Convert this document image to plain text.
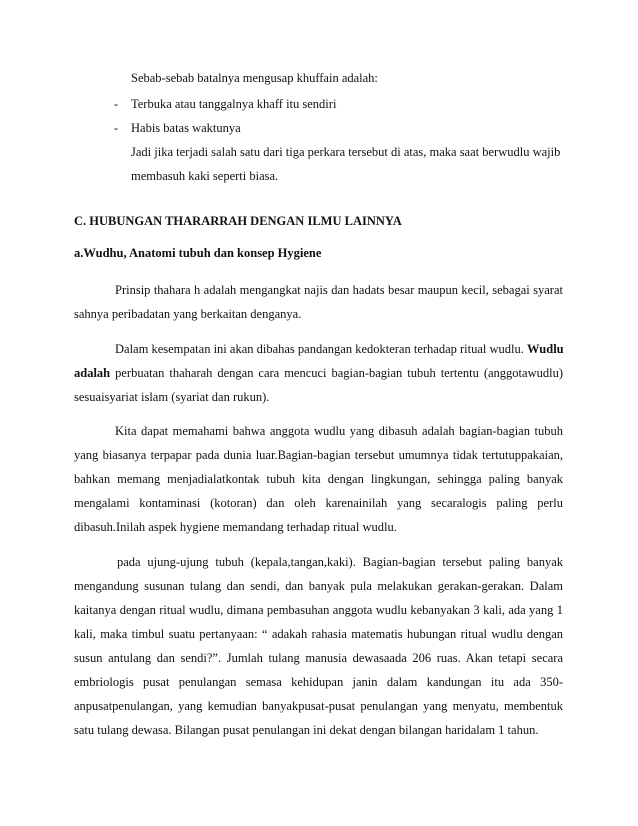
Sebab-sebab batalnya mengusap khuffain adalah:
- Terbuka atau tanggalnya khaff itu sendiri
- Habis batas waktunya
Jadi jika terjadi salah satu dari tiga perkara tersebut di atas, maka saat berwudlu wajib
membasuh kaki seperti biasa.
C. HUBUNGAN THARARRAH DENGAN ILMU LAINNYA
a.Wudhu, Anatomi tubuh dan konsep Hygiene
Prinsip thahara h adalah mengangkat najis dan hadats besar maupun kecil, sebagai syarat
sahnya peribadatan yang berkaitan denganya.
Dalam kesempatan ini akan dibahas pandangan kedokteran terhadap ritual wudlu. Wudlu
adalah perbuatan thaharah dengan cara mencuci bagian-bagian tubuh tertentu (anggotawudlu)
sesuaisyariat islam (syariat dan rukun).
Kita dapat memahami bahwa anggota wudlu yang dibasuh adalah bagian-bagian tubuh
yang biasanya terpapar pada dunia luar.Bagian-bagian tersebut umumnya tidak tertutuppakaian,
bahkan memang menjadialatkontak tubuh kita dengan lingkungan, sehingga paling banyak
mengalami kontaminasi (kotoran) dan oleh karenainilah yang secaralogis paling perlu
dibasuh.Inilah aspek hygiene memandang terhadap ritual wudlu.
pada ujung-ujung tubuh (kepala,tangan,kaki). Bagian-bagian tersebut paling banyak
mengandung susunan tulang dan sendi, dan banyak pula melakukan gerakan-gerakan. Dalam
kaitanya dengan ritual wudlu, dimana pembasuhan anggota wudlu kebanyakan 3 kali, ada yang 1
kali, maka timbul suatu pertanyaan: “ adakah rahasia matematis hubungan ritual wudlu dengan
susun antulang dan sendi?”. Jumlah tulang manusia dewasaada 206 ruas. Akan tetapi secara
embriologis pusat penulangan semasa kehidupan janin dalam kandungan itu ada 350-
anpusatpenulangan, yang kemudian banyakpusat-pusat penulangan yang menyatu, membentuk
satu tulang dewasa. Bilangan pusat penulangan ini dekat dengan bilangan haridalam 1 tahun.
